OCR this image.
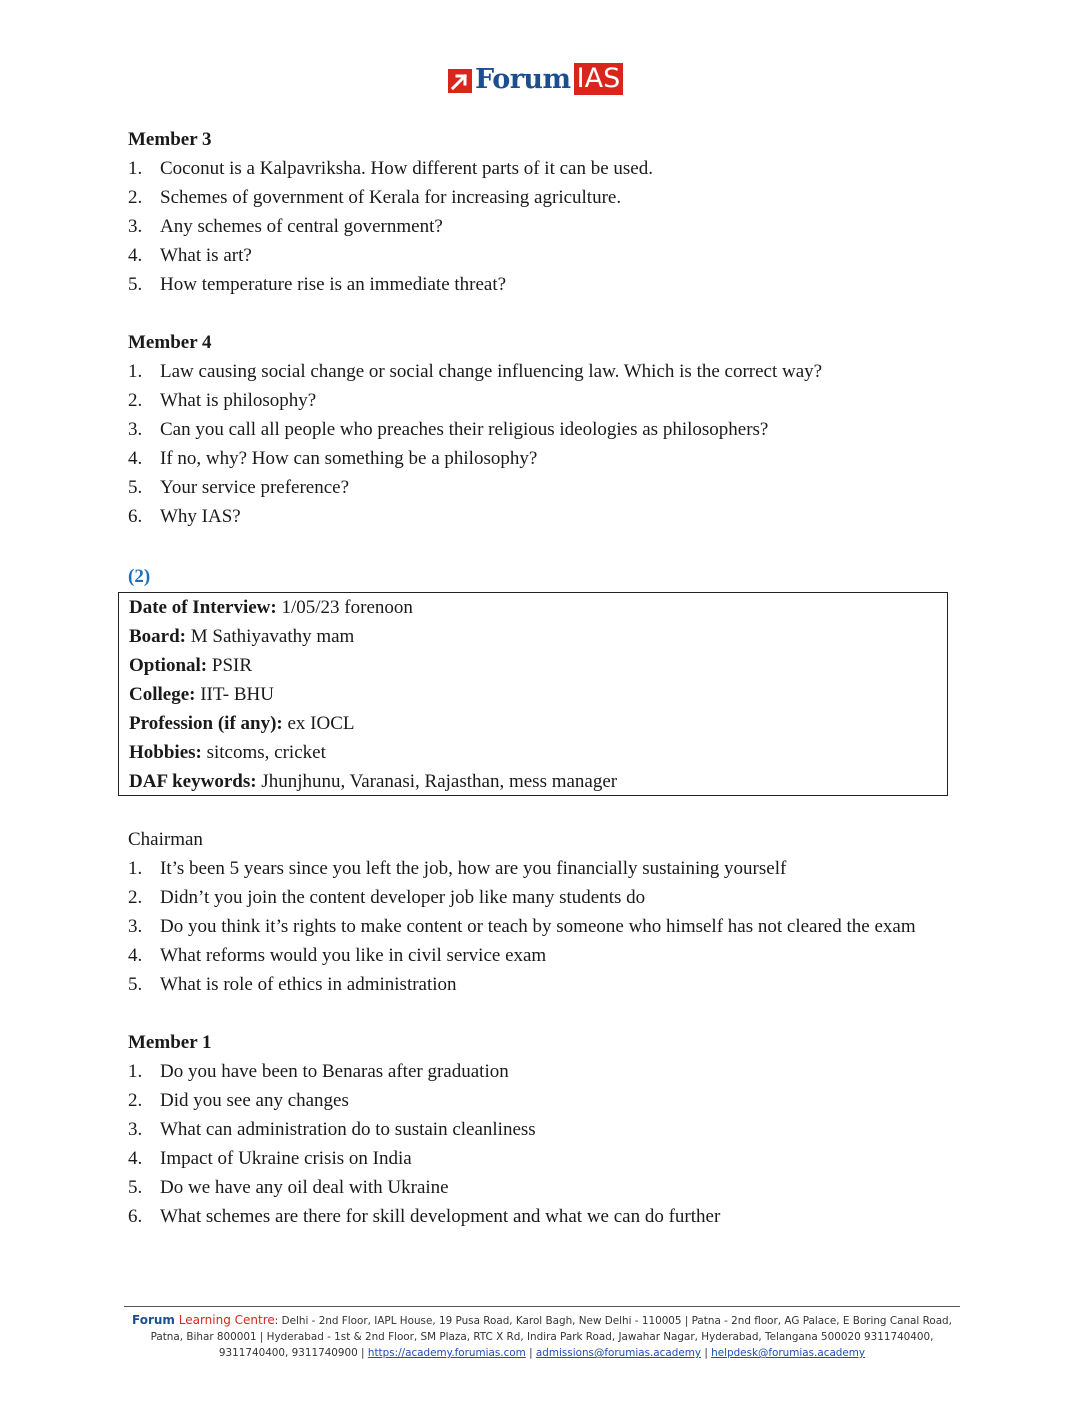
Forum IAS
Member 3
1. Coconut is a Kalpavriksha. How different parts of it can be used.
2. Schemes of government of Kerala for increasing agriculture.
3. Any schemes of central government?
4. What is art?
5. How temperature rise is an immediate threat?
Member 4
1. Law causing social change or social change influencing law. Which is the correct way?
2. What is philosophy?
3. Can you call all people who preaches their religious ideologies as philosophers?
4. If no, why? How can something be a philosophy?
5. Your service preference?
6. Why IAS?
(2)
Date of Interview: 1/05/23 forenoon
Board: M Sathiyavathy mam
Optional: PSIR
College: IIT- BHU
Profession (if any): ex IOCL
Hobbies: sitcoms, cricket
DAF keywords: Jhunjhunu, Varanasi, Rajasthan, mess manager
Chairman
1. It’s been 5 years since you left the job, how are you financially sustaining yourself
2. Didn’t you join the content developer job like many students do
3. Do you think it’s rights to make content or teach by someone who himself has not cleared the exam
4. What reforms would you like in civil service exam
5. What is role of ethics in administration
Member 1
1. Do you have been to Benaras after graduation
2. Did you see any changes
3. What can administration do to sustain cleanliness
4. Impact of Ukraine crisis on India
5. Do we have any oil deal with Ukraine
6. What schemes are there for skill development and what we can do further
Forum Learning Centre: Delhi - 2nd Floor, IAPL House, 19 Pusa Road, Karol Bagh, New Delhi - 110005 | Patna - 2nd floor, AG Palace, E Boring Canal Road, Patna, Bihar 800001 | Hyderabad - 1st & 2nd Floor, SM Plaza, RTC X Rd, Indira Park Road, Jawahar Nagar, Hyderabad, Telangana 500020 9311740400, 9311740400, 9311740900 | https://academy.forumias.com | admissions@forumias.academy | helpdesk@forumias.academy
